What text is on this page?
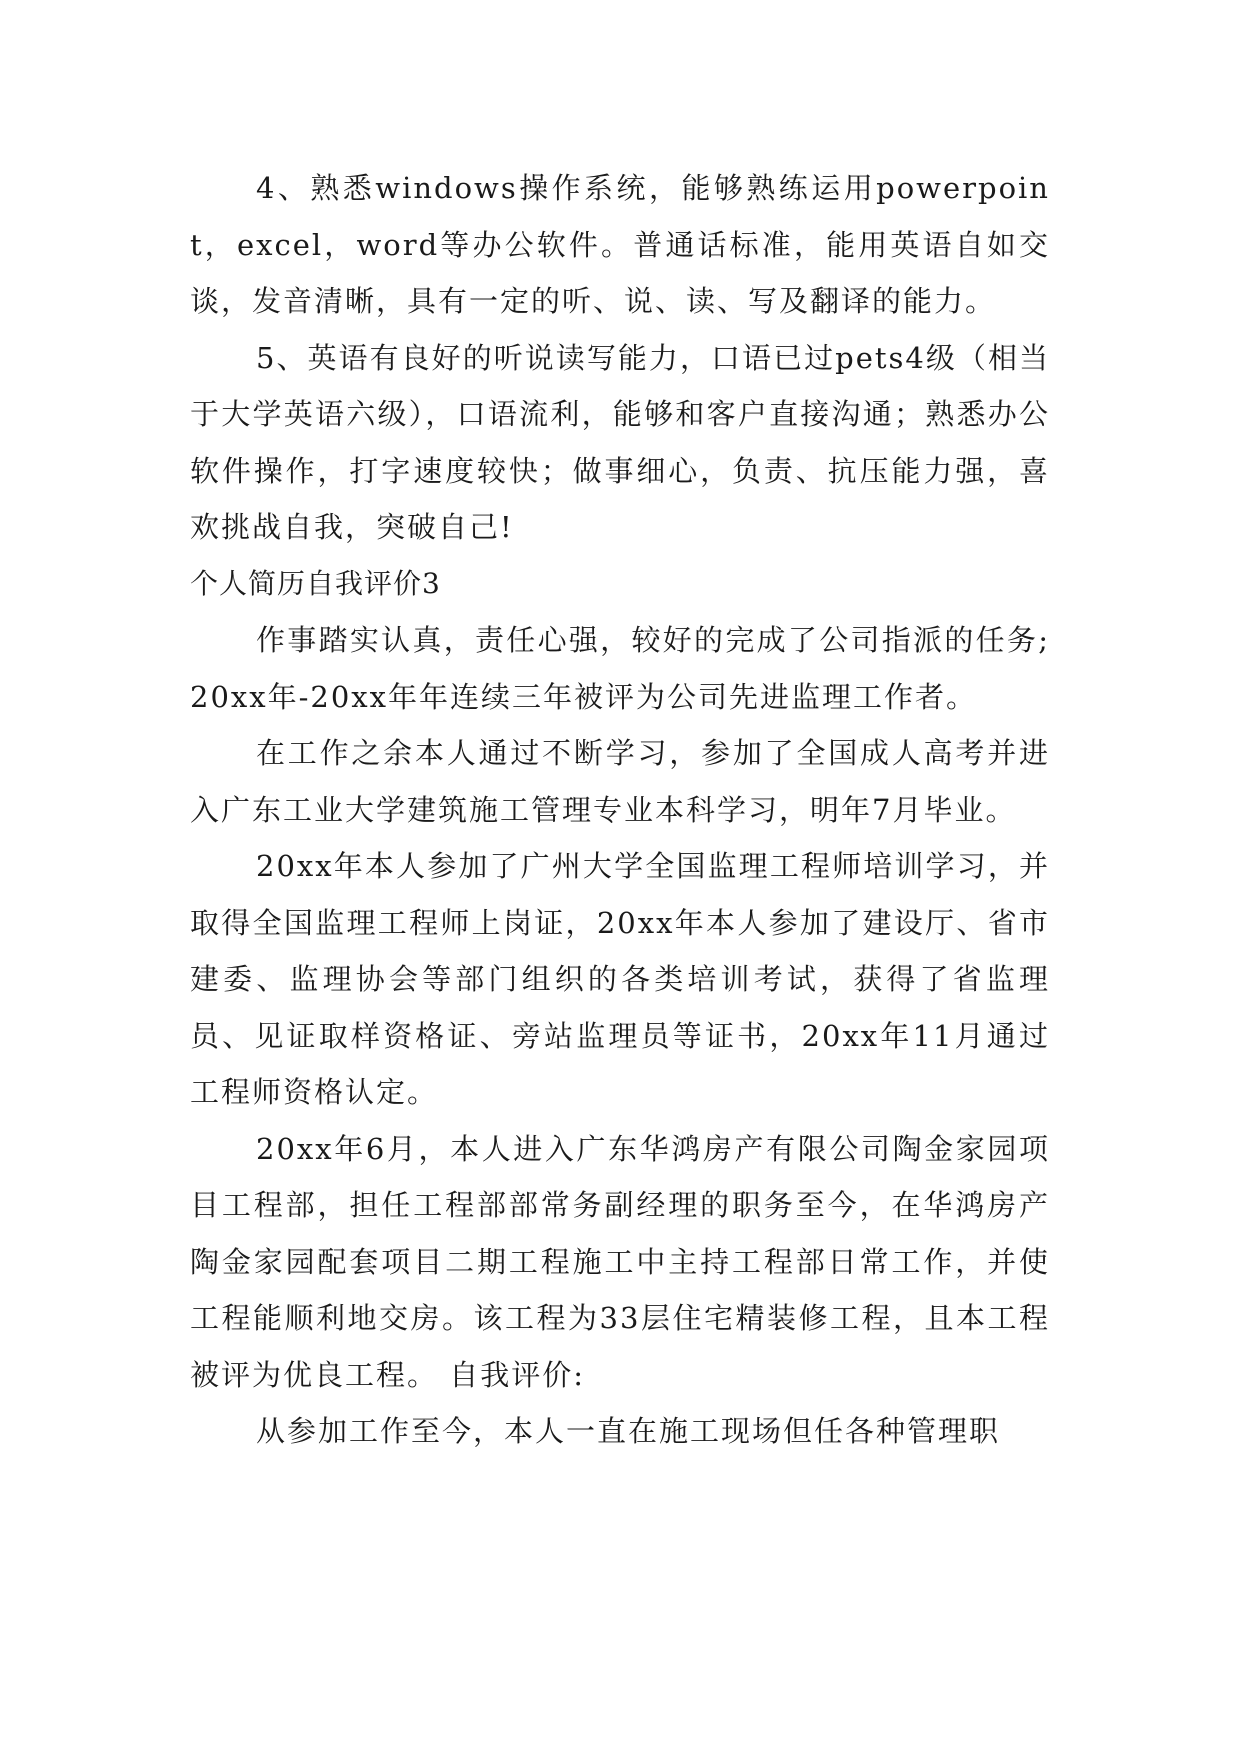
4、熟悉windows操作系统，能够熟练运用powerpoint，excel，word等办公软件。普通话标准，能用英语自如交谈，发音清晰，具有一定的听、说、读、写及翻译的能力。

5、英语有良好的听说读写能力，口语已过pets4级（相当于大学英语六级），口语流利，能够和客户直接沟通；熟悉办公软件操作，打字速度较快；做事细心，负责、抗压能力强，喜欢挑战自我，突破自己!

个人简历自我评价3

作事踏实认真，责任心强，较好的完成了公司指派的任务;20xx年-20xx年年连续三年被评为公司先进监理工作者。

在工作之余本人通过不断学习，参加了全国成人高考并进入广东工业大学建筑施工管理专业本科学习，明年7月毕业。

20xx年本人参加了广州大学全国监理工程师培训学习，并取得全国监理工程师上岗证，20xx年本人参加了建设厅、省市建委、监理协会等部门组织的各类培训考试，获得了省监理员、见证取样资格证、旁站监理员等证书，20xx年11月通过工程师资格认定。

20xx年6月，本人进入广东华鸿房产有限公司陶金家园项目工程部，担任工程部部常务副经理的职务至今，在华鸿房产陶金家园配套项目二期工程施工中主持工程部日常工作，并使工程能顺利地交房。该工程为33层住宅精装修工程，且本工程被评为优良工程。 自我评价:

从参加工作至今，本人一直在施工现场但任各种管理职
